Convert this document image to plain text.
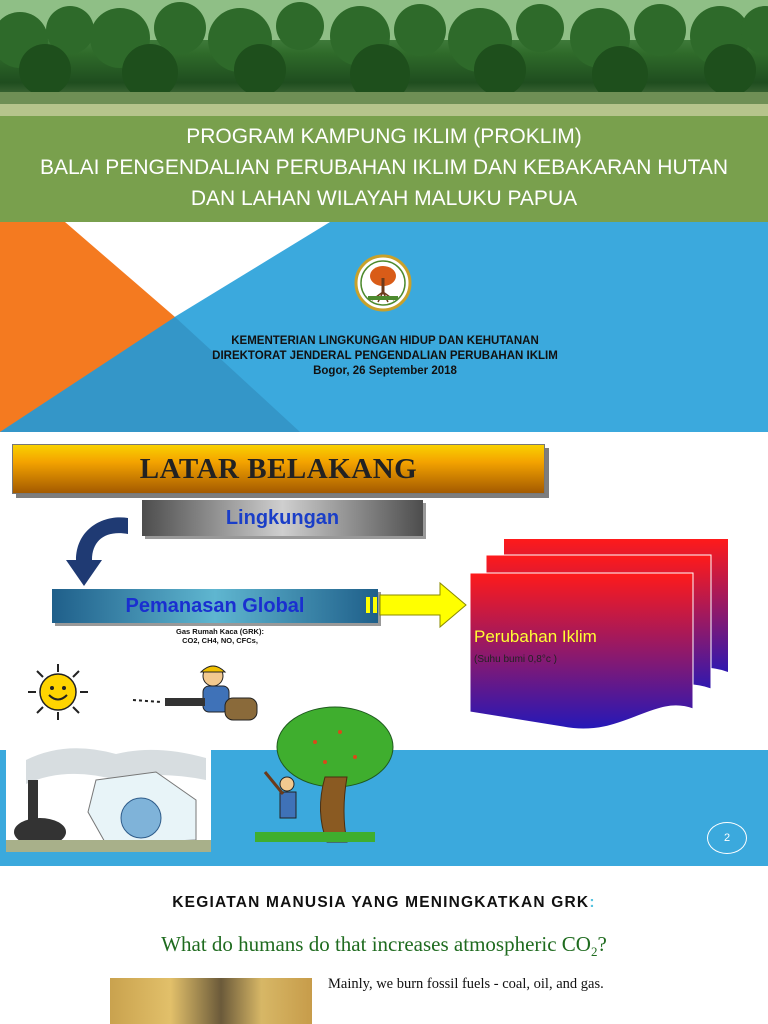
PROGRAM KAMPUNG IKLIM (PROKLIM)
BALAI PENGENDALIAN PERUBAHAN IKLIM DAN KEBAKARAN HUTAN
DAN LAHAN WILAYAH MALUKU PAPUA
KEMENTERIAN LINGKUNGAN HIDUP DAN KEHUTANAN
DIREKTORAT JENDERAL PENGENDALIAN PERUBAHAN IKLIM
Bogor, 26 September 2018
LATAR BELAKANG
Lingkungan
Pemanasan Global
Gas Rumah Kaca (GRK):
CO2, CH4, NO, CFCs,	Perubahan Iklim
(Suhu bumi 0,8°c )
2
KEGIATAN MANUSIA YANG MENINGKATKAN GRK:
What do humans do that increases atmospheric $CO_2$?
Mainly, we burn fossil fuels - coal, oil, and gas.
